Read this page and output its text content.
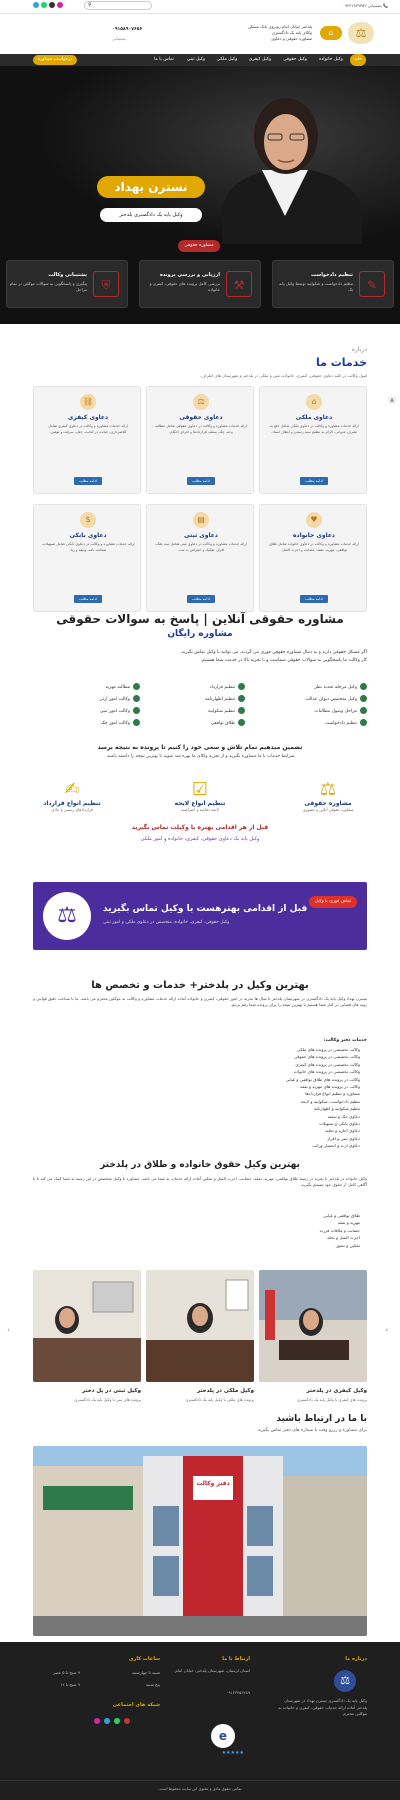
⚲	📞 پشتیبانی ۰۹۳۳۶۸۳۹۳۵۳
⚖
⌂
پلدختر خیابان امام روبروی بانک مسکن
وکلای پایه یک دادگستری
مشاوره حقوقی و دعاوی
۰۹۱۵۸۹۰۷۶۵۶
پشتیبانی
خانه
وکیل خانواده
وکیل حقوقی
وکیل کیفری
وکیل ملکی
وکیل ثبتی
تماس با ما
درخواست مشاوره
نسترن بهداد
وکیل پایه یک دادگستری پلدختر
مشاوره حقوقی
✎
تنظیم دادخواست
تنظیم دادخواست و شکواییه توسط وکیل پایه یک
⚒
ارزیابی و بررسی پرونده
بررسی کامل پرونده های حقوقی، کیفری و خانواده
⛨
پشتیبانی وکالت
پیگیری و پاسخگویی به سوالات موکلین در تمام مراحل
درباره
خدمات ما
قبول وکالت در کلیه دعاوی حقوقی، کیفری، خانواده، ثبتی و ملکی در پلدختر و شهرستان های اطراف.
▲
⌂
دعاوی ملکی
ارائه خدمات مشاوره و وکالت در دعاوی ملکی شامل خلع ید، تصرف عدوانی، الزام به تنظیم سند رسمی و ابطال اسناد.
ادامه مطلب
⚖
دعاوی حقوقی
ارائه خدمات مشاوره و وکالت در دعاوی حقوقی شامل مطالبه وجه، چک، سفته، قراردادها و اجرای احکام.
ادامه مطلب
⛓
دعاوی کیفری
ارائه خدمات مشاوره و وکالت در دعاوی کیفری شامل کلاهبرداری، خیانت در امانت، جعل، سرقت و توهین.
ادامه مطلب
♥
دعاوی خانواده
ارائه خدمات مشاوره و وکالت در دعاوی خانواده شامل طلاق توافقی، مهریه، نفقه، حضانت و اجرت المثل.
ادامه مطلب
▤
دعاوی ثبتی
ارائه خدمات مشاوره و وکالت در دعاوی ثبتی شامل ثبت ملک، افراز، تفکیک و اعتراض به ثبت.
ادامه مطلب
$
دعاوی بانکی
ارائه خدمات مشاوره و وکالت در دعاوی بانکی شامل تسهیلات، ضمانت نامه، وثیقه و ربا.
ادامه مطلب
مشاوره حقوقی آنلاین | پاسخ به سوالات حقوقی
مشاوره رایگان
اگر مشکل حقوقی دارید و به دنبال مشاوره حقوقی فوری می گردید، می توانید با وکیل تماس بگیرید.
کار وکالت ما پاسخگویی به سوالات حقوقی شماست و با تجربه بالا در خدمت شما هستیم.
وکیل مرحله تجدید نظر
وکیل متخصص دیوان عدالت
مراحل وصول مطالبات
تنظیم دادخواست
تنظیم قرارداد
تنظیم اظهارنامه
تنظیم شکواییه
طلاق توافقی
مطالبه مهریه
وکالت امور ارثی
وکالت امور ثبتی
وکالت امور چک
تضمین میدهیم تمام تلاش و سعی خود را کنیم تا پرونده به نتیجه برسد
شرایط خدمات با ما مشاوره بگیرید و از تجربه وکلای ما بهره مند شوید تا بهترین نتیجه را داشته باشید.
⚖
مشاوره حقوقی
مشاوره حقوقی آنلاین و حضوری
☑
تنظیم انواع لایحه
لایحه دفاعیه و اعتراضیه
✍
تنظیم انواع قرارداد
قراردادهای رسمی و عادی
قبل از هر اقدامی بهتره با وکیلت تماس بگیرید
وکیل پایه یک دعاوی حقوقی، کیفری، خانواده و امور ملکی
تماس فوری با وکیل
⚖	قبل از اقدامی بهترهست با وکیل تماس بگیرید
وکیل حقوقی، کیفری، خانواده، متخصص در دعاوی ملکی و امور ثبتی
بهترین وکیل در پلدختر+ خدمات و تخصص ها
نسترن بهداد وکیل پایه یک دادگستری در شهرستان پلدختر با سال ها تجربه در امور حقوقی، کیفری و خانواده آماده ارائه خدمات مشاوره و وکالت به موکلین محترم می باشد. ما با شناخت دقیق قوانین و رویه های قضایی در کنار شما هستیم تا بهترین نتیجه را برای پرونده شما رقم بزنیم.
خدمات دفتر وکالت:
وکالت تخصصی در پرونده های ملکی
وکالت تخصصی در پرونده های حقوقی
وکالت تخصصی در پرونده های کیفری
وکالت تخصصی در پرونده های خانواده
وکالت در پرونده های طلاق توافقی و غیابی
وکالت در پرونده های مهریه و نفقه
مشاوره و تنظیم انواع قراردادها
تنظیم دادخواست، شکواییه و لایحه
تنظیم شکواییه و اظهارنامه
دعاوی چک و سفته
دعاوی بانکی و تسهیلات
دعاوی اجاره و تخلیه
دعاوی ثبتی و افراز
دعاوی ارث و انحصار وراثت
بهترین وکیل حقوق خانواده و طلاق در پلدختر
وکیل خانواده در پلدختر با تجربه در زمینه طلاق توافقی، مهریه، نفقه، حضانت، اجرت المثل و تمکین آماده ارائه خدمات به شما می باشد. مشاوره با وکیل متخصص در این زمینه به شما کمک می کند تا با آگاهی کامل از حقوق خود تصمیم بگیرید.
طلاق توافقی و غیابی
مهریه و نفقه
حضانت و ملاقات فرزند
اجرت المثل و نحله
تمکین و نشوز
‹	›
وکیل کیفری در پلدختر
پرونده های کیفری با وکیل پایه یک دادگستری
وکیل ملکی در پلدختر
پرونده های ملکی با وکیل پایه یک دادگستری
وکیل ثبتی در پل دختر
پرونده های ثبتی با وکیل پایه یک دادگستری
با ما در ارتباط باشید
برای مشاوره و رزرو وقت با شماره های دفتر تماس بگیرید.
دفتر وکالت
درباره ما
⚖
وکیل پایه یک دادگستری نسترن بهداد در شهرستان پلدختر آماده ارائه خدمات حقوقی، کیفری و خانواده به موکلین محترم.
ارتباط با ما
استان لرستان، شهرستان پلدختر، خیابان امام
۰۹۱۲۳۴۵۶۷۸۹
e
★★★★★
ساعات کاری
شنبه تا چهارشنبه
۹ صبح تا ۵ عصر
پنج شنبه
۹ صبح تا ۱۲
شبکه های اجتماعی
تمامی حقوق مادی و معنوی این سایت محفوظ است.
